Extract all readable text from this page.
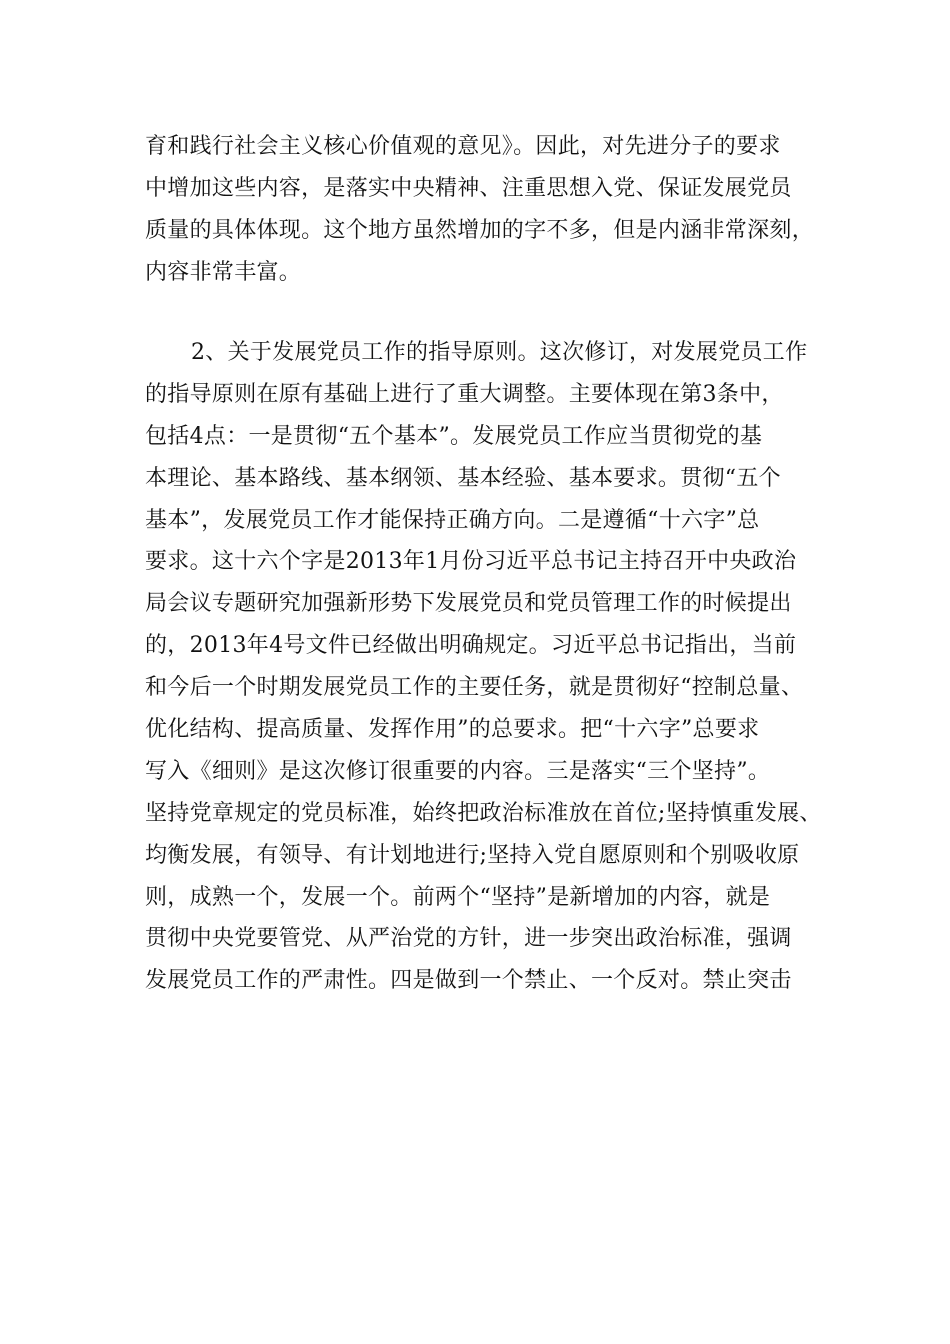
育和践行社会主义核心价值观的意见》。因此，对先进分子的要求
中增加这些内容，是落实中央精神、注重思想入党、保证发展党员
质量的具体体现。这个地方虽然增加的字不多，但是内涵非常深刻，
内容非常丰富。
2、关于发展党员工作的指导原则。这次修订，对发展党员工作
的指导原则在原有基础上进行了重大调整。主要体现在第3条中，
包括4点：一是贯彻“五个基本”。发展党员工作应当贯彻党的基
本理论、基本路线、基本纲领、基本经验、基本要求。贯彻“五个
基本”，发展党员工作才能保持正确方向。二是遵循“十六字”总
要求。这十六个字是2013年1月份习近平总书记主持召开中央政治
局会议专题研究加强新形势下发展党员和党员管理工作的时候提出
的，2013年4号文件已经做出明确规定。习近平总书记指出，当前
和今后一个时期发展党员工作的主要任务，就是贯彻好“控制总量、
优化结构、提高质量、发挥作用”的总要求。把“十六字”总要求
写入《细则》是这次修订很重要的内容。三是落实“三个坚持”。
坚持党章规定的党员标准，始终把政治标准放在首位;坚持慎重发展、
均衡发展，有领导、有计划地进行;坚持入党自愿原则和个别吸收原
则，成熟一个，发展一个。前两个“坚持”是新增加的内容，就是
贯彻中央党要管党、从严治党的方针，进一步突出政治标准，强调
发展党员工作的严肃性。四是做到一个禁止、一个反对。禁止突击
